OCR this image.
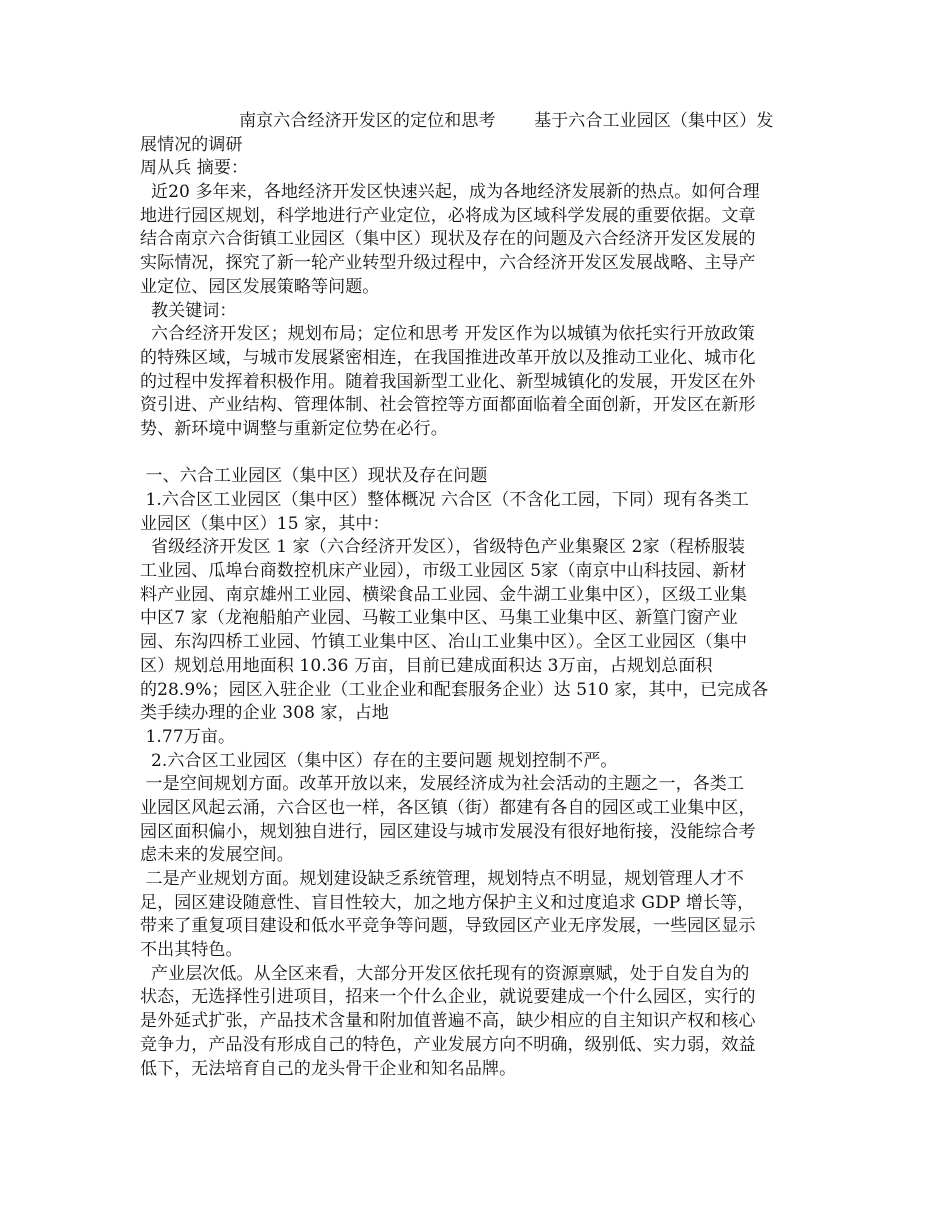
南京六合经济开发区的定位和思考       基于六合工业园区（集中区）发
展情况的调研
周从兵 摘要：
近20 多年来，各地经济开发区快速兴起，成为各地经济发展新的热点。如何合理
地进行园区规划，科学地进行产业定位，必将成为区域科学发展的重要依据。文章
结合南京六合街镇工业园区（集中区）现状及存在的问题及六合经济开发区发展的
实际情况，探究了新一轮产业转型升级过程中，六合经济开发区发展战略、主导产
业定位、园区发展策略等问题。
教关键词：
六合经济开发区；规划布局；定位和思考 开发区作为以城镇为依托实行开放政策
的特殊区域，与城市发展紧密相连，在我国推进改革开放以及推动工业化、城市化
的过程中发挥着积极作用。随着我国新型工业化、新型城镇化的发展，开发区在外
资引进、产业结构、管理体制、社会管控等方面都面临着全面创新，开发区在新形
势、新环境中调整与重新定位势在必行。
一、六合工业园区（集中区）现状及存在问题
1.六合区工业园区（集中区）整体概况 六合区（不含化工园，下同）现有各类工
业园区（集中区）15 家，其中：
省级经济开发区 1 家（六合经济开发区），省级特色产业集聚区 2家（程桥服装
工业园、瓜埠台商数控机床产业园），市级工业园区 5家（南京中山科技园、新材
料产业园、南京雄州工业园、横梁食品工业园、金牛湖工业集中区），区级工业集
中区7 家（龙袍船舶产业园、马鞍工业集中区、马集工业集中区、新篁门窗产业
园、东沟四桥工业园、竹镇工业集中区、冶山工业集中区）。全区工业园区（集中
区）规划总用地面积 10.36 万亩，目前已建成面积达 3万亩，占规划总面积
的28.9%；园区入驻企业（工业企业和配套服务企业）达 510 家，其中，已完成各
类手续办理的企业 308 家，占地
1.77万亩。
2.六合区工业园区（集中区）存在的主要问题 规划控制不严。
一是空间规划方面。改革开放以来，发展经济成为社会活动的主题之一，各类工
业园区风起云涌，六合区也一样，各区镇（街）都建有各自的园区或工业集中区，
园区面积偏小，规划独自进行，园区建设与城市发展没有很好地衔接，没能综合考
虑未来的发展空间。
二是产业规划方面。规划建设缺乏系统管理，规划特点不明显，规划管理人才不
足，园区建设随意性、盲目性较大，加之地方保护主义和过度追求 GDP 增长等，
带来了重复项目建设和低水平竞争等问题，导致园区产业无序发展，一些园区显示
不出其特色。
产业层次低。从全区来看，大部分开发区依托现有的资源禀赋，处于自发自为的
状态，无选择性引进项目，招来一个什么企业，就说要建成一个什么园区，实行的
是外延式扩张，产品技术含量和附加值普遍不高，缺少相应的自主知识产权和核心
竞争力，产品没有形成自己的特色，产业发展方向不明确，级别低、实力弱，效益
低下，无法培育自己的龙头骨干企业和知名品牌。
